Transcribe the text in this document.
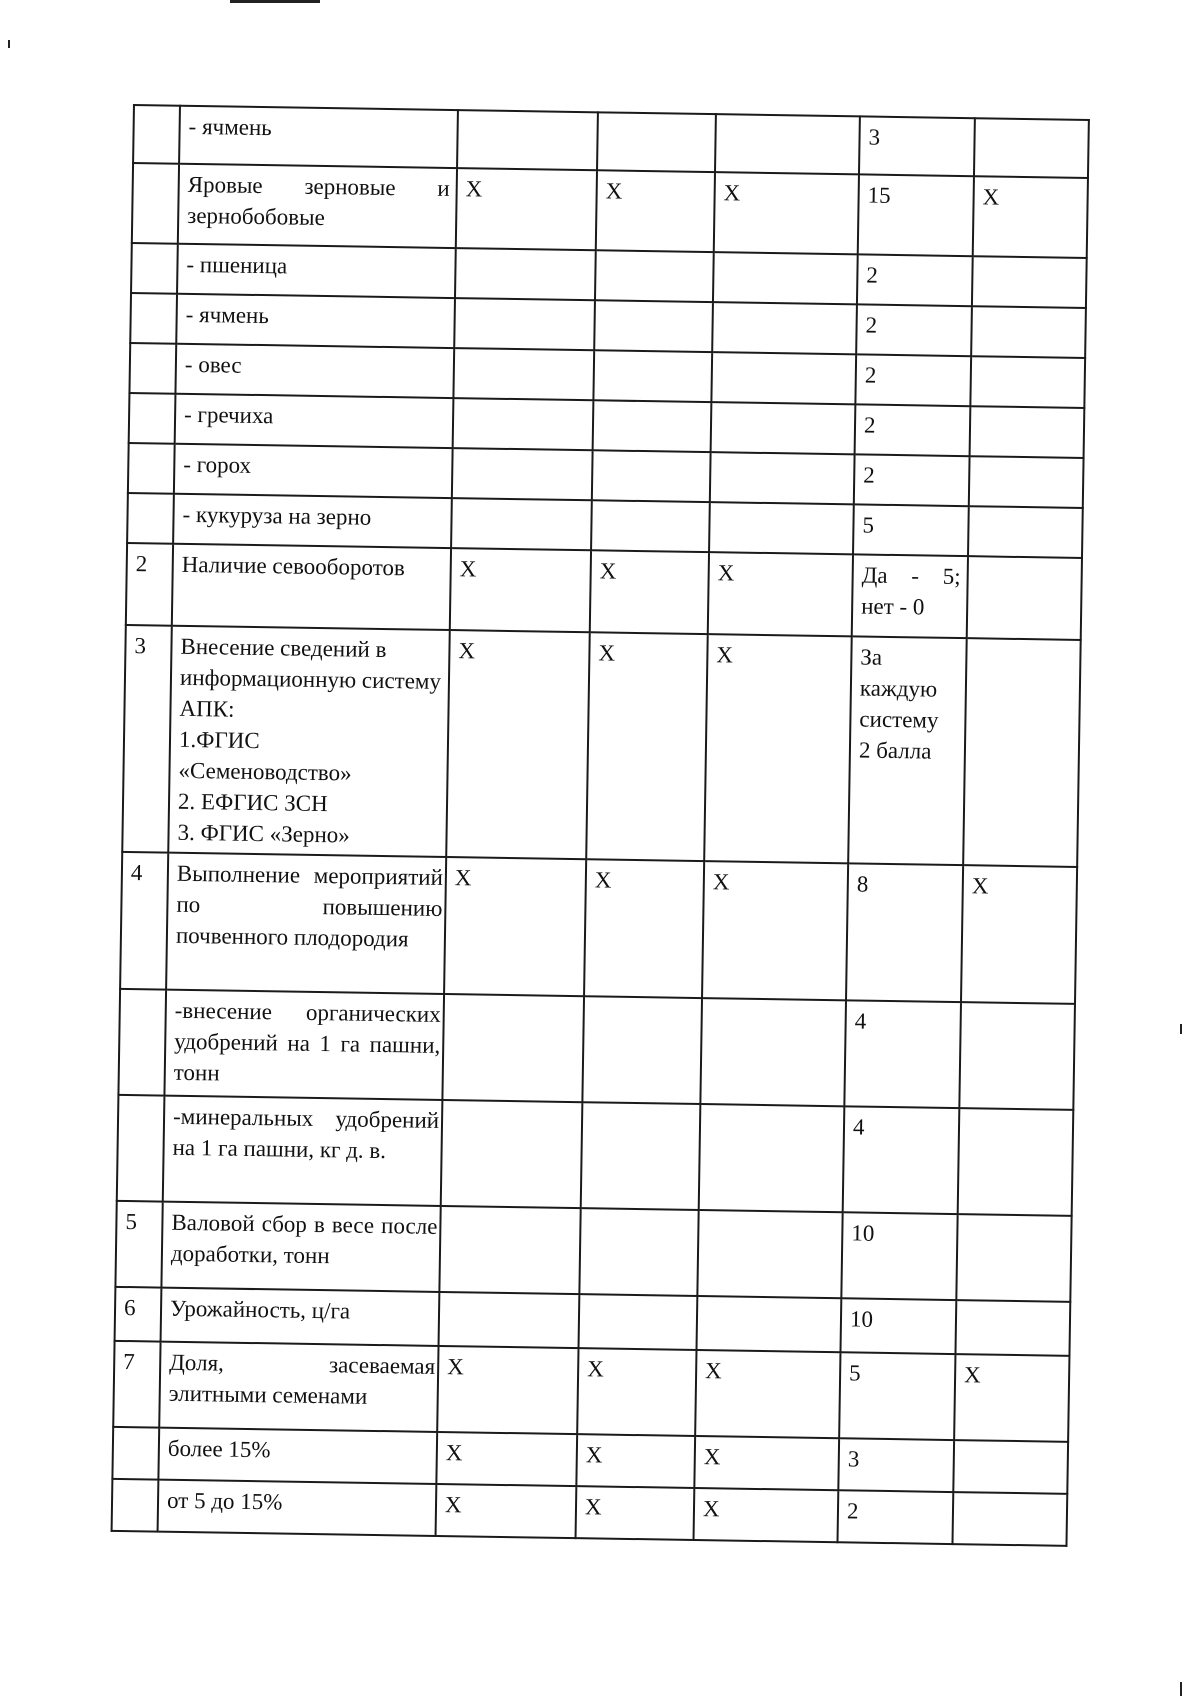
	- ячмень				3	
	Яровые зерновые и зернобобовые	X	X	X	15	X
	- пшеница				2	
	- ячмень				2	
	- овес				2	
	- гречиха				2	
	- горох				2	
	- кукуруза на зерно				5	
2	Наличие севооборотов	X	X	X	Да - 5;
нет - 0	

3	Внесение сведений в информационную систему АПК:
1.ФГИС
«Семеноводство»
2. ЕФГИС ЗСН
3. ФГИС «Зерно»	X	X	X	За каждую систему 2 балла	
4	Выполнение мероприятий по повышению почвенного плодородия	X	X	X	8	X
	-внесение органических удобрений на 1 га пашни, тонн				4	
	-минеральных удобрений на 1 га пашни, кг д. в.				4	
5	Валовой сбор в весе после доработки, тонн				10	
6	Урожайность, ц/га				10	
7	Доля, засеваемая элитными семенами	X	X	X	5	X
	более 15%	X	X	X	3	
	от 5 до 15%	X	X	X	2	
